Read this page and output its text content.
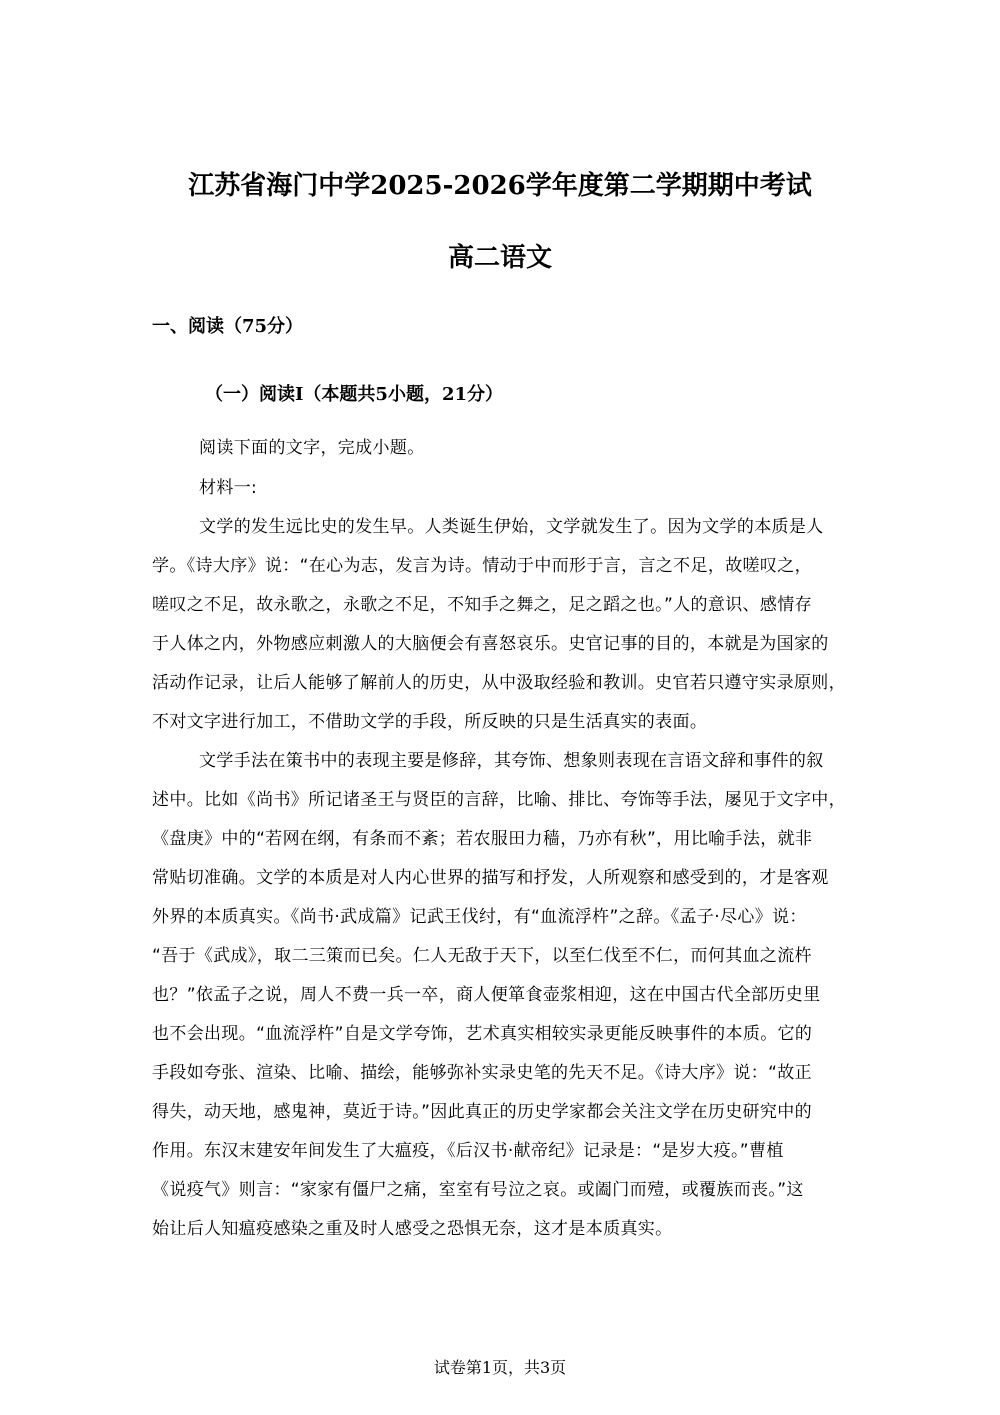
江苏省海门中学2025-2026学年度第二学期期中考试
高二语文
一、阅读（75分）
（一）阅读Ⅰ（本题共5小题，21分）
阅读下面的文字，完成小题。
材料一:
文学的发生远比史的发生早。人类诞生伊始，文学就发生了。因为文学的本质是人
学。《诗大序》说：“在心为志，发言为诗。情动于中而形于言，言之不足，故嗟叹之，
嗟叹之不足，故永歌之，永歌之不足，不知手之舞之，足之蹈之也。”人的意识、感情存
于人体之内，外物感应刺激人的大脑便会有喜怒哀乐。史官记事的目的，本就是为国家的
活动作记录，让后人能够了解前人的历史，从中汲取经验和教训。史官若只遵守实录原则，
不对文字进行加工，不借助文学的手段，所反映的只是生活真实的表面。
文学手法在策书中的表现主要是修辞，其夸饰、想象则表现在言语文辞和事件的叙
述中。比如《尚书》所记诸圣王与贤臣的言辞，比喻、排比、夸饰等手法，屡见于文字中，
《盘庚》中的“若网在纲，有条而不紊；若农服田力穑，乃亦有秋”，用比喻手法，就非
常贴切准确。文学的本质是对人内心世界的描写和抒发，人所观察和感受到的，才是客观
外界的本质真实。《尚书·武成篇》记武王伐纣，有“血流浮杵”之辞。《孟子·尽心》说：
“吾于《武成》，取二三策而已矣。仁人无敌于天下，以至仁伐至不仁，而何其血之流杵
也？”依孟子之说，周人不费一兵一卒，商人便箪食壶浆相迎，这在中国古代全部历史里
也不会出现。“血流浮杵”自是文学夸饰，艺术真实相较实录更能反映事件的本质。它的
手段如夸张、渲染、比喻、描绘，能够弥补实录史笔的先天不足。《诗大序》说：“故正
得失，动天地，感鬼神，莫近于诗。”因此真正的历史学家都会关注文学在历史研究中的
作用。东汉末建安年间发生了大瘟疫，《后汉书·献帝纪》记录是：“是岁大疫。”曹植
《说疫气》则言：“家家有僵尸之痛，室室有号泣之哀。或阖门而殪，或覆族而丧。”这
始让后人知瘟疫感染之重及时人感受之恐惧无奈，这才是本质真实。
试卷第1页，共3页
